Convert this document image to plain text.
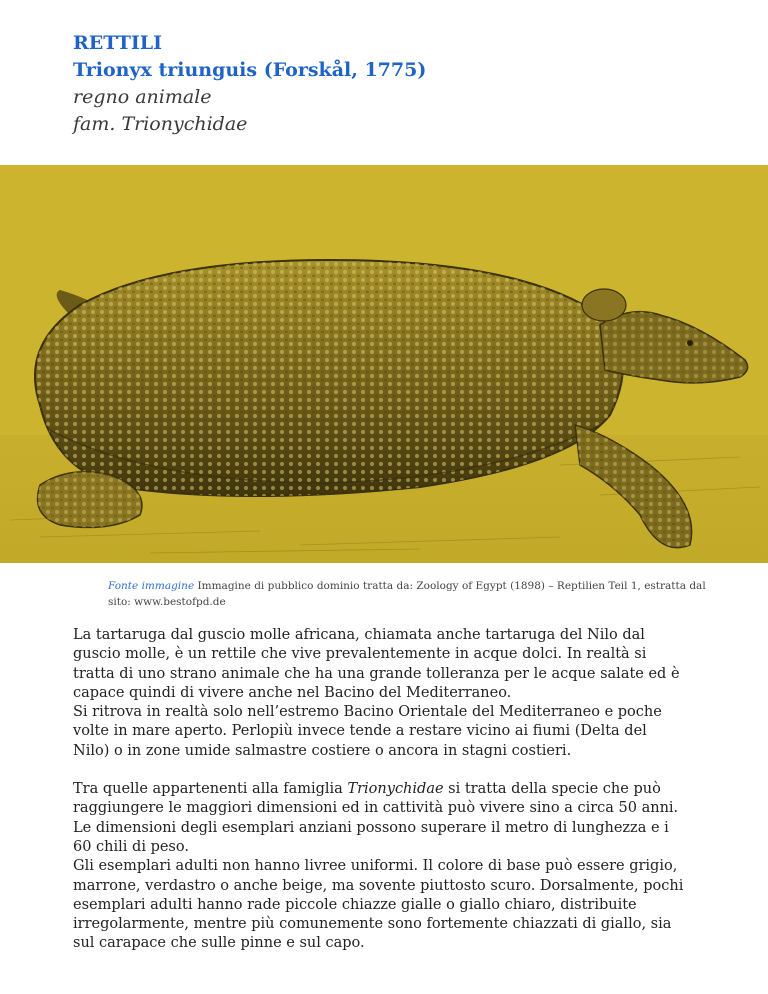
RETTILI
Trionyx triunguis (Forskål, 1775)
regno animale
fam. Trionychidae
Fonte immagine Immagine di pubblico dominio tratta da: Zoology of Egypt (1898) – Reptilien Teil 1, estratta dal sito: www.bestofpd.de

La tartaruga dal guscio molle africana, chiamata anche tartaruga del Nilo dal

guscio molle, è un rettile che vive prevalentemente in acque dolci. In realtà si

tratta di uno strano animale che ha una grande tolleranza per le acque salate ed è

capace quindi di vivere anche nel Bacino del Mediterraneo.

Si ritrova in realtà solo nell’estremo Bacino Orientale del Mediterraneo e poche

volte in mare aperto. Perlopiù invece tende a restare vicino ai fiumi (Delta del

Nilo) o in zone umide salmastre costiere o ancora in stagni costieri.

Tra quelle appartenenti alla famiglia Trionychidae si tratta della specie che può

raggiungere le maggiori dimensioni ed in cattività può vivere sino a circa 50 anni.

Le dimensioni degli esemplari anziani possono superare il metro di lunghezza e i

60 chili di peso.

Gli esemplari adulti non hanno livree uniformi. Il colore di base può essere grigio,

marrone, verdastro o anche beige, ma sovente piuttosto scuro. Dorsalmente, pochi

esemplari adulti hanno rade piccole chiazze gialle o giallo chiaro, distribuite

irregolarmente, mentre più comunemente sono fortemente chiazzati di giallo, sia

sul carapace che sulle pinne e sul capo.
